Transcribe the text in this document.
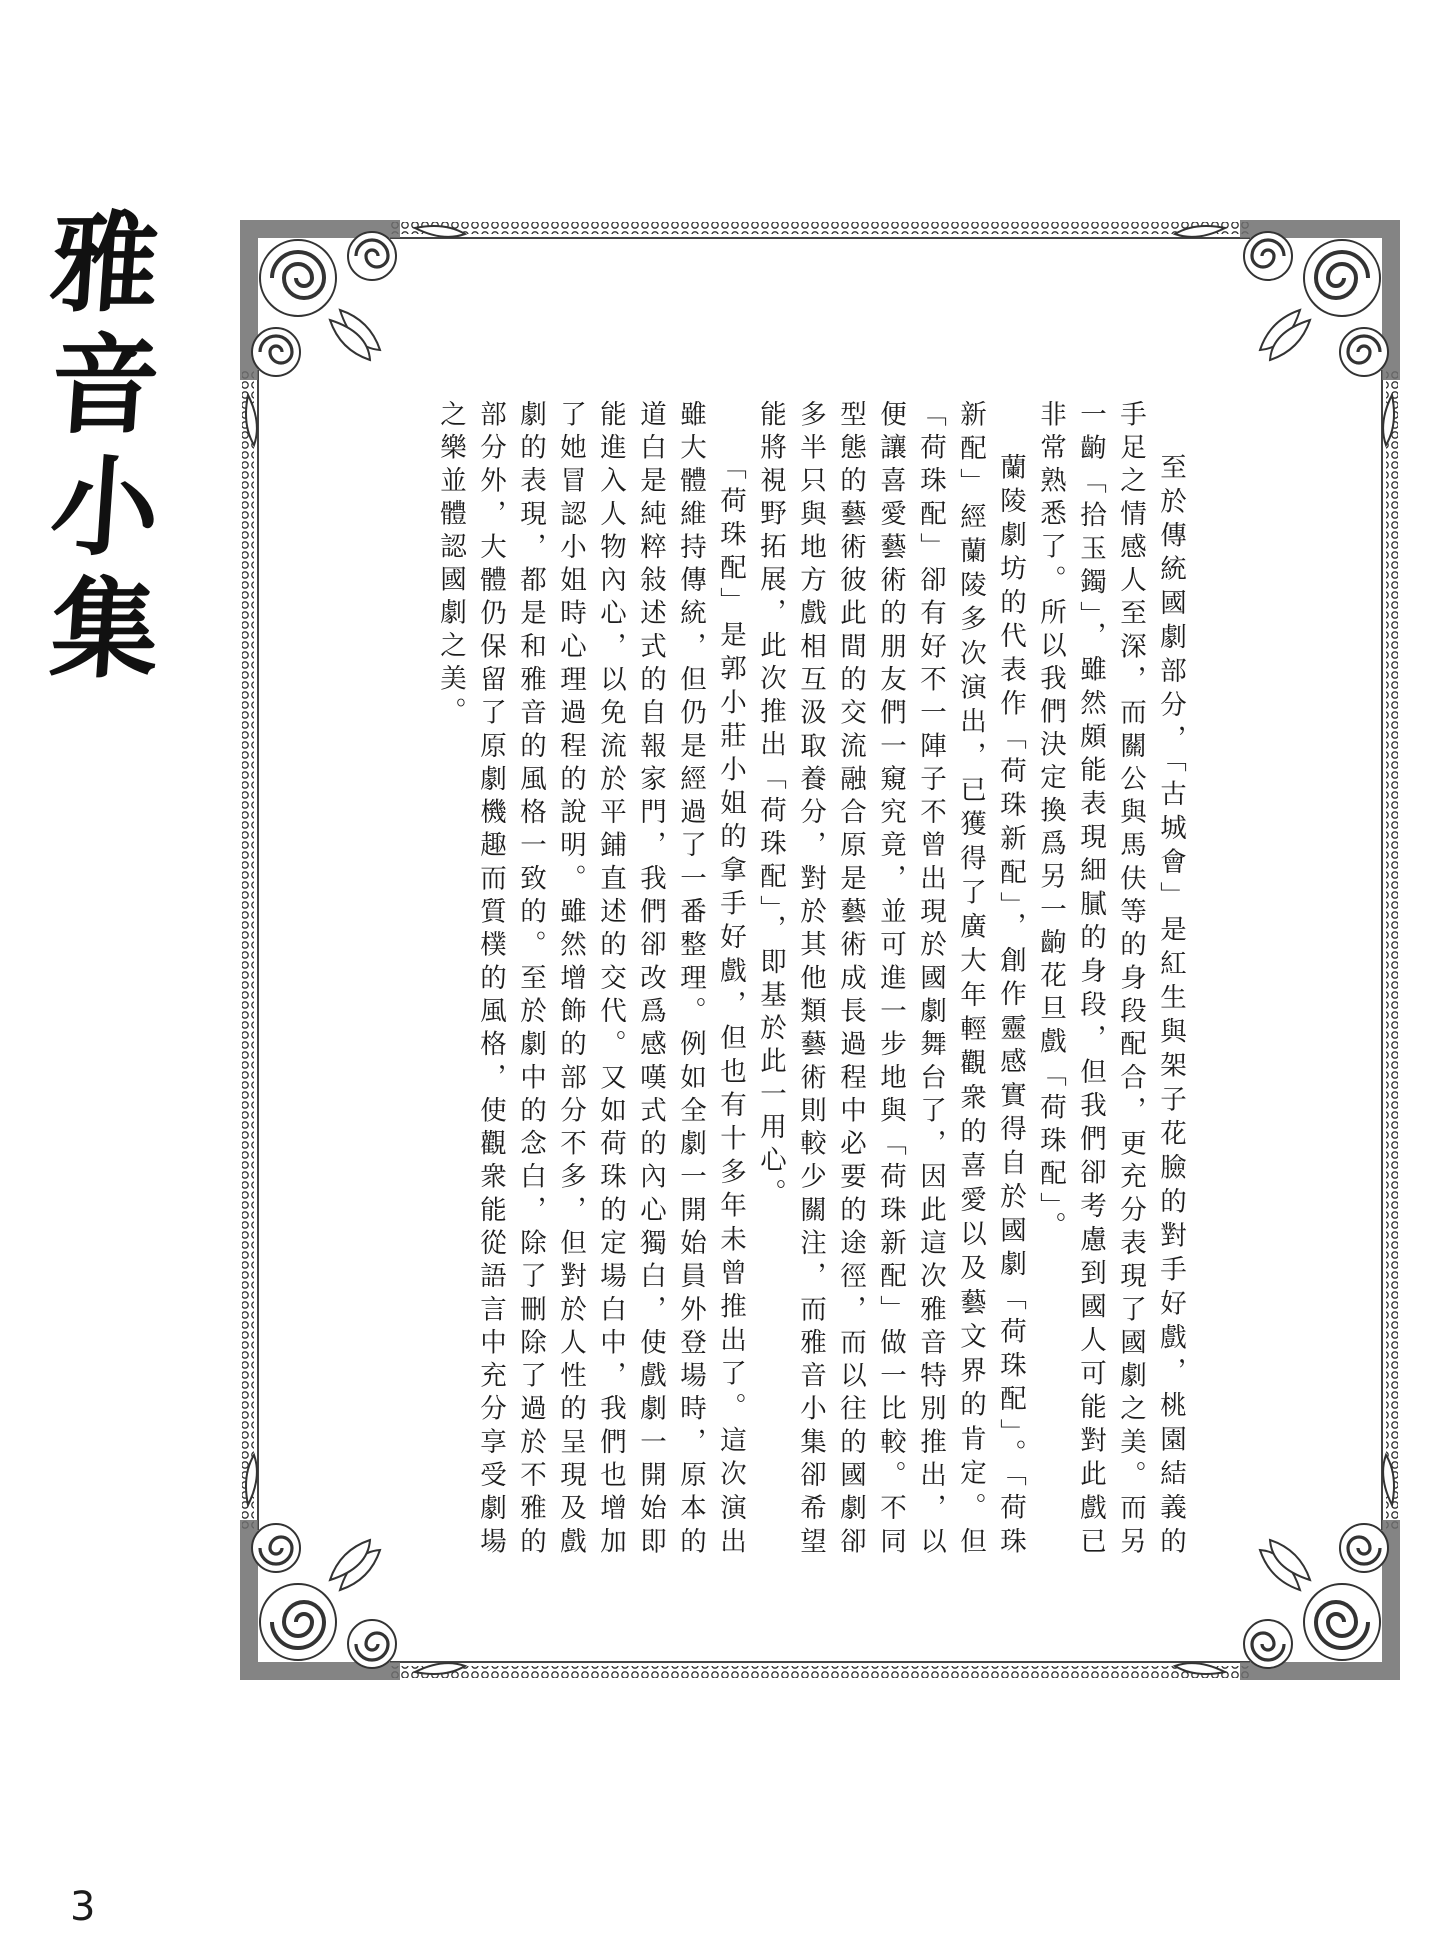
雅
音
小
集	至於傳統國劇部分，「古城會」是紅生與架子花臉的對手好戲，桃園結義的手足之情感人至深，而關公與馬伕等的身段配合，更充分表現了國劇之美。而另一齣「拾玉鐲」，雖然頗能表現細膩的身段，但我們卻考慮到國人可能對此戲已非常熟悉了。所以我們決定換爲另一齣花旦戲「荷珠配」。

蘭陵劇坊的代表作「荷珠新配」，創作靈感實得自於國劇「荷珠配」。「荷珠新配」經蘭陵多次演出，已獲得了廣大年輕觀衆的喜愛以及藝文界的肯定。但「荷珠配」卻有好不一陣子不曾出現於國劇舞台了，因此這次雅音特別推出，以便讓喜愛藝術的朋友們一窺究竟，並可進一步地與「荷珠新配」做一比較。不同型態的藝術彼此間的交流融合原是藝術成長過程中必要的途徑，而以往的國劇卻多半只與地方戲相互汲取養分，對於其他類藝術則較少關注，而雅音小集卻希望能將視野拓展，此次推出「荷珠配」，即基於此一用心。

「荷珠配」是郭小莊小姐的拿手好戲，但也有十多年未曾推出了。這次演出雖大體維持傳統，但仍是經過了一番整理。例如全劇一開始員外登場時，原本的道白是純粹敍述式的自報家門，我們卻改爲感嘆式的內心獨白，使戲劇一開始即能進入人物內心，以免流於平鋪直述的交代。又如荷珠的定場白中，我們也增加了她冒認小姐時心理過程的說明。雖然增飾的部分不多，但對於人性的呈現及戲劇的表現，都是和雅音的風格一致的。至於劇中的念白，除了刪除了過於不雅的部分外，大體仍保留了原劇機趣而質樸的風格，使觀衆能從語言中充分享受劇場之樂並體認國劇之美。

3
